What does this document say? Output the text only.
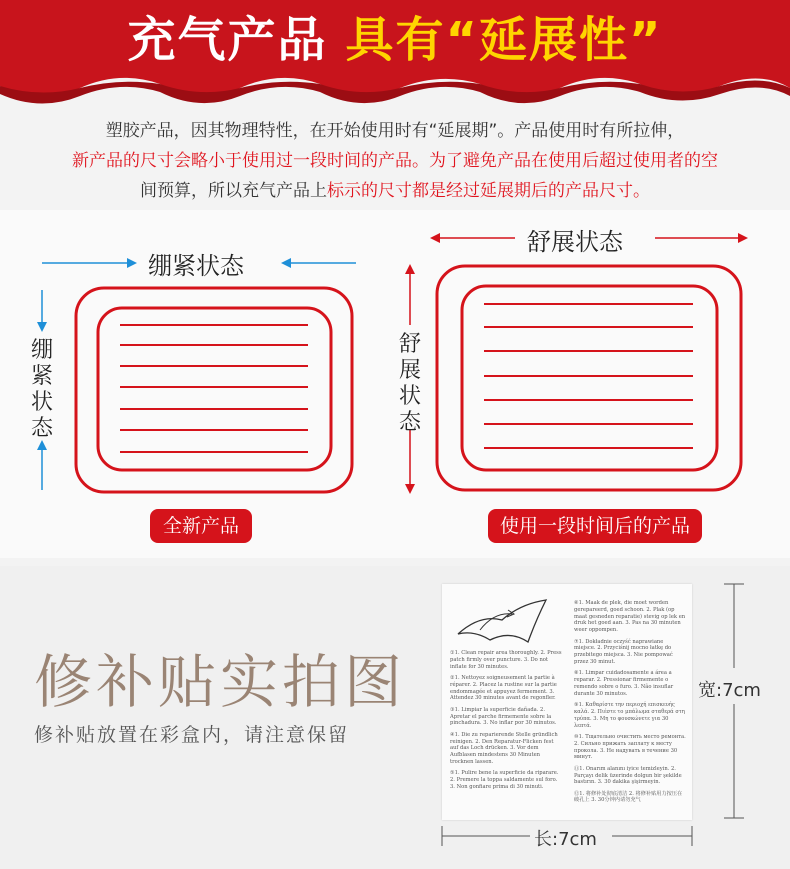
充气产品 具有“延展性”
塑胶产品，因其物理特性，在开始使用时有“延展期”。产品使用时有所拉伸，
新产品的尺寸会略小于使用过一段时间的产品。为了避免产品在使用后超过使用者的空
间预算，所以充气产品上标示的尺寸都是经过延展期后的产品尺寸。
绷紧状态
绷紧状态
舒展状态
舒展状态
全新产品	使用一段时间后的产品
修补贴实拍图
修补贴放置在彩盒内，请注意保留

①1. Clean repair area thoroughly. 2. Press patch firmly over puncture. 3. Do not inflate for 30 minutes.

②1. Nettoyez soigneusement la partie à réparer. 2. Placez la rustine sur la partie endommagée et appuyez fermement. 3. Attendez 30 minutes avant de regonfler.

③1. Limpiar la superficie dañada. 2. Apretar el parche firmemente sobre la pinchadura. 3. No inflar por 30 minutos.

④1. Die zu reparierende Stelle gründlich reinigen. 2. Den Reparatur-Flicken fest auf das Loch drücken. 3. Vor dem Aufblasen mindestens 30 Minuten trocknen lassen.

⑤1. Pulire bene la superficie da riparare. 2. Premere la toppa saldamente sul foro. 3. Non gonfiare prima di 30 minuti.

⑥1. Maak de plek, die moet worden gerepareerd, goed schoon. 2. Plak (op maat gesneden reparatie) stevig op lek en druk het goed aan. 3. Pas na 30 minuten weer oppompen.

⑦1. Dokładnie oczyść naprawiane miejsce. 2. Przyciśnij mocno łatkę do przebitego miejsca. 3. Nie pompować przez 30 minut.

⑧1. Limpar cuidadosamente a área a reparar. 2. Pressionar firmemente o remendo sobre o furo. 3. Não insuflar durante 30 minutos.

⑨1. Καθαρίστε την περιοχή επισκευής καλά. 2. Πιέστε το μπάλωμα σταθερά στη τρύπα. 3. Μη το φουσκώνετε για 30 λεπτά.

⑩1. Тщательно очистить место ремонта. 2. Сильно прижать заплату к месту прокола. 3. Не надувать в течение 30 минут.

⑪1. Onarım alanını iyice temizleyin. 2. Parçayı delik üzerinde dolgun bir şekilde bastırın. 3. 30 dakika şişirmeyin.

⑫1. 将修补处彻底清洁 2. 将修补贴用力按压在破孔上 3. 30分钟内请勿充气

宽:7cm
长:7cm
